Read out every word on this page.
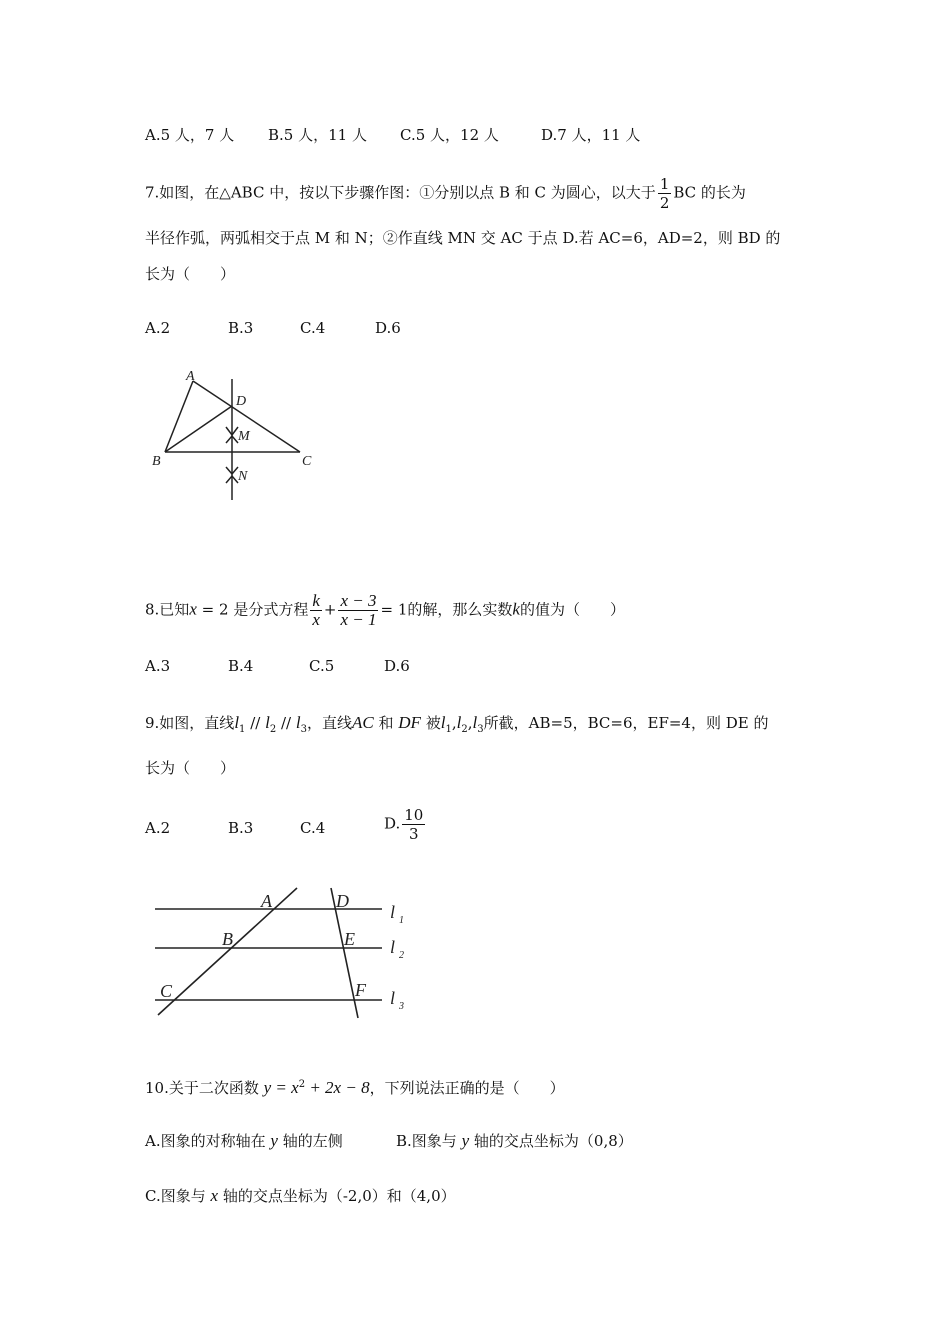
A.5 人，7 人 B.5 人，11 人 C.5 人，12 人	D.7 人，11 人
7.如图，在△ABC 中，按以下步骤作图：①分别以点 B 和 C 为圆心，以大于 $\frac{1}{2}$ BC 的长为
半径作弧，两弧相交于点 M 和 N；②作直线 MN 交 AC 于点 D.若 AC=6，AD=2，则 BD 的
长为（　　）
A.2	B.3	C.4	D.6
A
B	C
D
M
N
8.已知x = 2 是分式方程 $\frac{k}{x} + \frac{x - 3}{x - 1} = 1$的解，那么实数k的值为（　　）
A.3	B.4	C.5	D.6
9.如图，直线$l_1 // l_2 // l_3$，直线AC 和 DF 被$l_1,l_2,l_3$所截，AB=5，BC=6，EF=4，则 DE 的
长为（　　）
A.2	B.3	C.4	D. $\frac{10}{3}$
A
B
C
D
E
F
l 1
l 2
l 3
10.关于二次函数 $y = x^2 + 2x - 8$，下列说法正确的是（　　）
A.图象的对称轴在 y 轴的左侧	B.图象与 y 轴的交点坐标为（0,8）
C.图象与 x 轴的交点坐标为（-2,0）和（4,0）
